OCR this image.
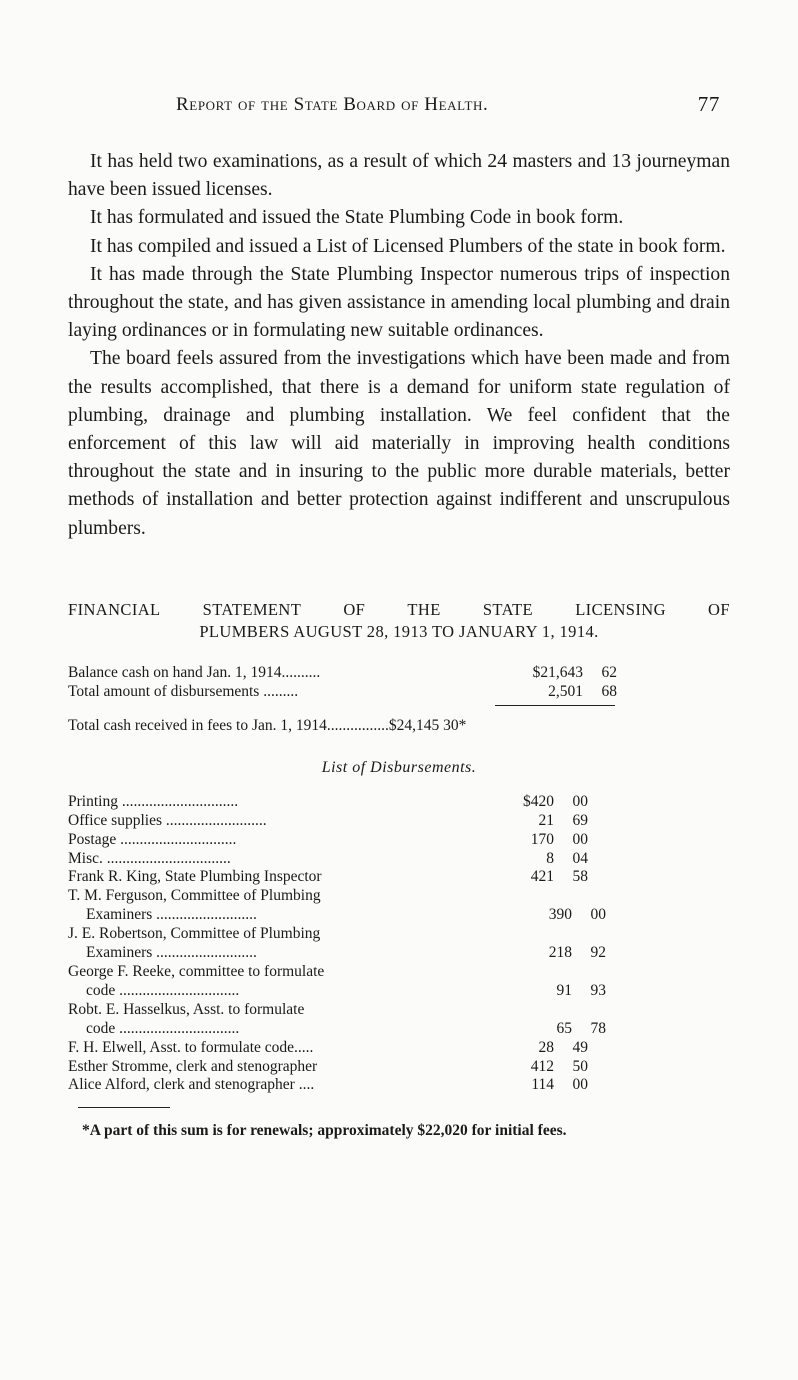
Report of the State Board of Health.	77

It has held two examinations, as a result of which 24 masters and 13 journeyman have been issued licenses.

It has formulated and issued the State Plumbing Code in book form.

It has compiled and issued a List of Licensed Plumbers of the state in book form.

It has made through the State Plumbing Inspector numerous trips of inspection throughout the state, and has given assistance in amending local plumbing and drain laying ordinances or in formulating new suitable ordinances.

The board feels assured from the investigations which have been made and from the results accomplished, that there is a demand for uniform state regulation of plumbing, drainage and plumbing installation. We feel confident that the enforcement of this law will aid materially in improving health conditions throughout the state and in insuring to the public more durable materials, better methods of installation and better protection against indifferent and unscrupulous plumbers.

FINANCIAL	STATEMENT	OF	THE	STATE	LICENSING	OF
PLUMBERS AUGUST 28, 1913 TO JANUARY 1, 1914.
Balance cash on hand Jan. 1, 1914..........	$21,643	62
Total amount of disbursements .........	2,501	68
Total cash received in fees to Jan. 1, 1914................$24,145 30*
List of Disbursements.
Printing ..............................	$420	00
Office supplies ..........................	21	69
Postage ..............................	170	00
Misc. ................................	8	04
Frank R. King, State Plumbing Inspector	421	58
T. M. Ferguson, Committee of Plumbing
Examiners ..........................	390	00
J. E. Robertson, Committee of Plumbing
Examiners ..........................	218	92
George F. Reeke, committee to formulate
code ...............................	91	93
Robt. E. Hasselkus, Asst. to formulate
code ...............................	65	78
F. H. Elwell, Asst. to formulate code.....	28	49
Esther Stromme, clerk and stenographer	412	50
Alice Alford, clerk and stenographer ....	114	00
*A part of this sum is for renewals; approximately $22,020 for initial fees.
